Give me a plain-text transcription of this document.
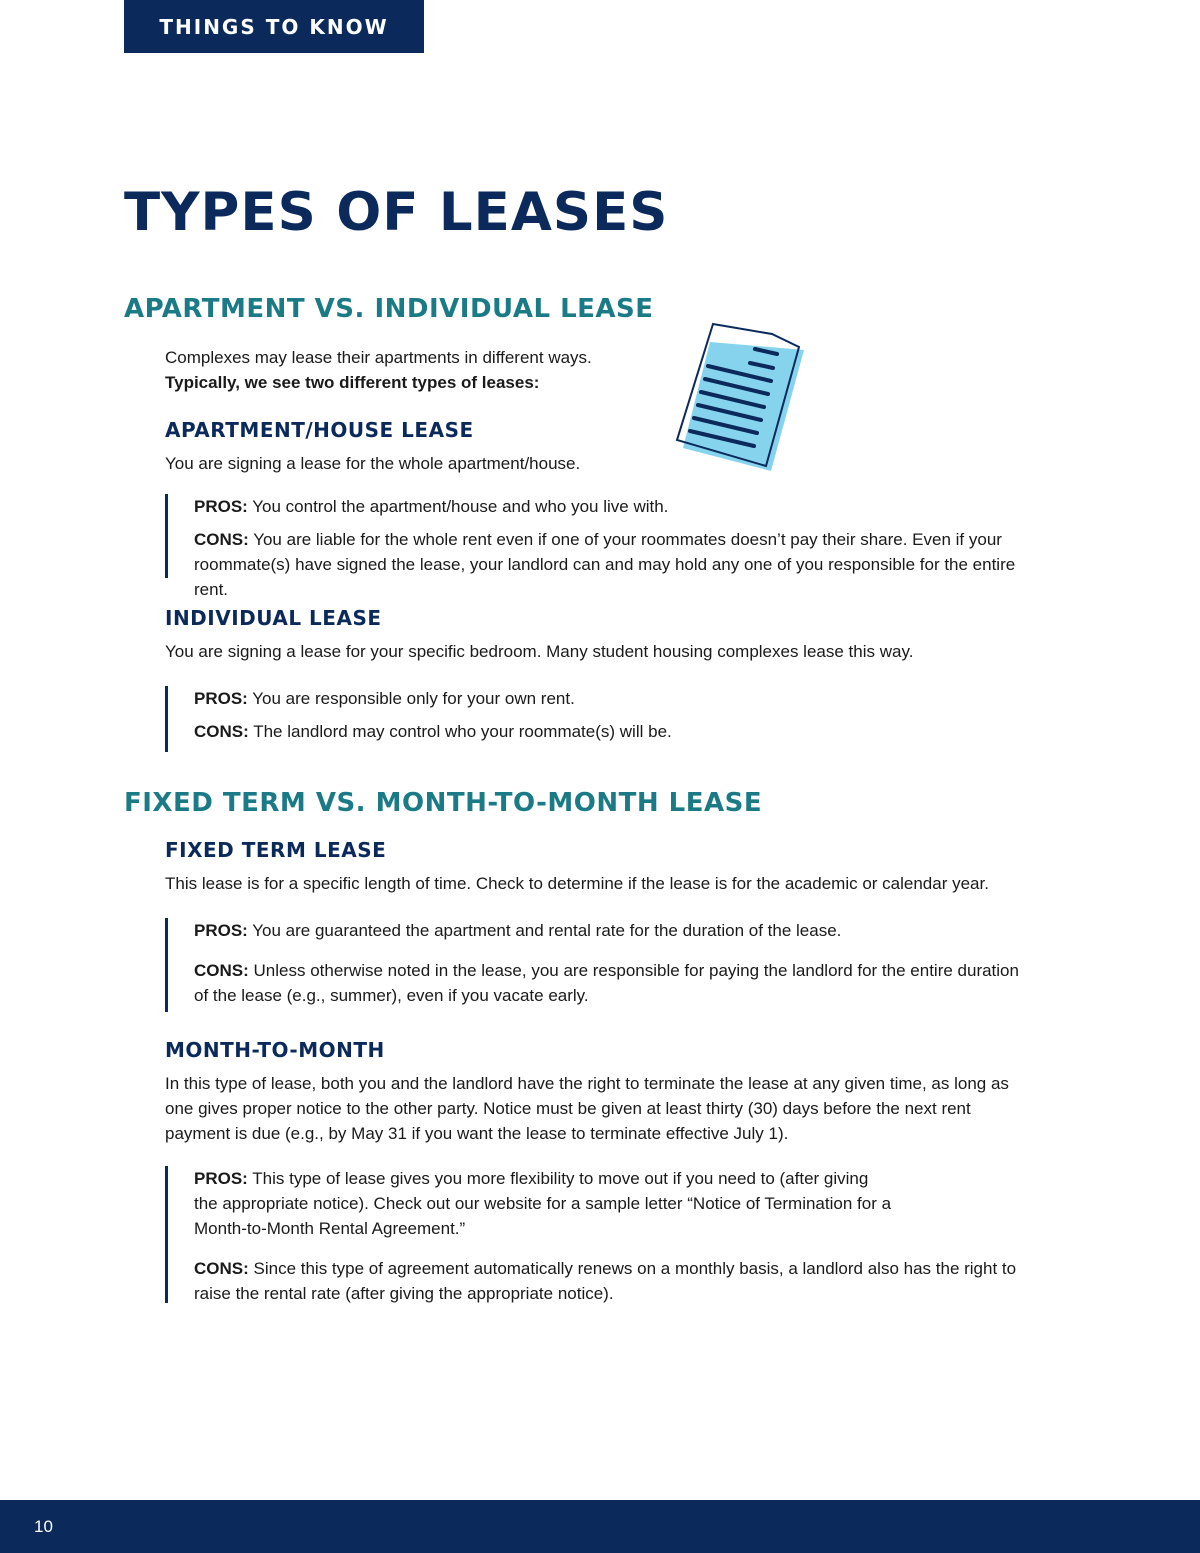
THINGS TO KNOW
TYPES OF LEASES
APARTMENT VS. INDIVIDUAL LEASE

Complexes may lease their apartments in different ways.
Typically, we see two different types of leases:

APARTMENT/HOUSE LEASE

You are signing a lease for the whole apartment/house.

PROS: You control the apartment/house and who you live with.

CONS: You are liable for the whole rent even if one of your roommates doesn’t pay their share. Even if your roommate(s) have signed the lease, your landlord can and may hold any one of you responsible for the entire rent.

INDIVIDUAL LEASE

You are signing a lease for your specific bedroom. Many student housing complexes lease this way.

PROS: You are responsible only for your own rent.

CONS: The landlord may control who your roommate(s) will be.

FIXED TERM VS. MONTH-TO-MONTH LEASE
FIXED TERM LEASE

This lease is for a specific length of time. Check to determine if the lease is for the academic or calendar year.

PROS: You are guaranteed the apartment and rental rate for the duration of the lease.

CONS: Unless otherwise noted in the lease, you are responsible for paying the landlord for the entire duration of the lease (e.g., summer), even if you vacate early.

MONTH-TO-MONTH

In this type of lease, both you and the landlord have the right to terminate the lease at any given time, as long as one gives proper notice to the other party. Notice must be given at least thirty (30) days before the next rent payment is due (e.g., by May 31 if you want the lease to terminate effective July 1).

PROS: This type of lease gives you more flexibility to move out if you need to (after giving the appropriate notice). Check out our website for a sample letter “Notice of Termination for a Month-to-Month Rental Agreement.”

CONS: Since this type of agreement automatically renews on a monthly basis, a landlord also has the right to raise the rental rate (after giving the appropriate notice).

10
